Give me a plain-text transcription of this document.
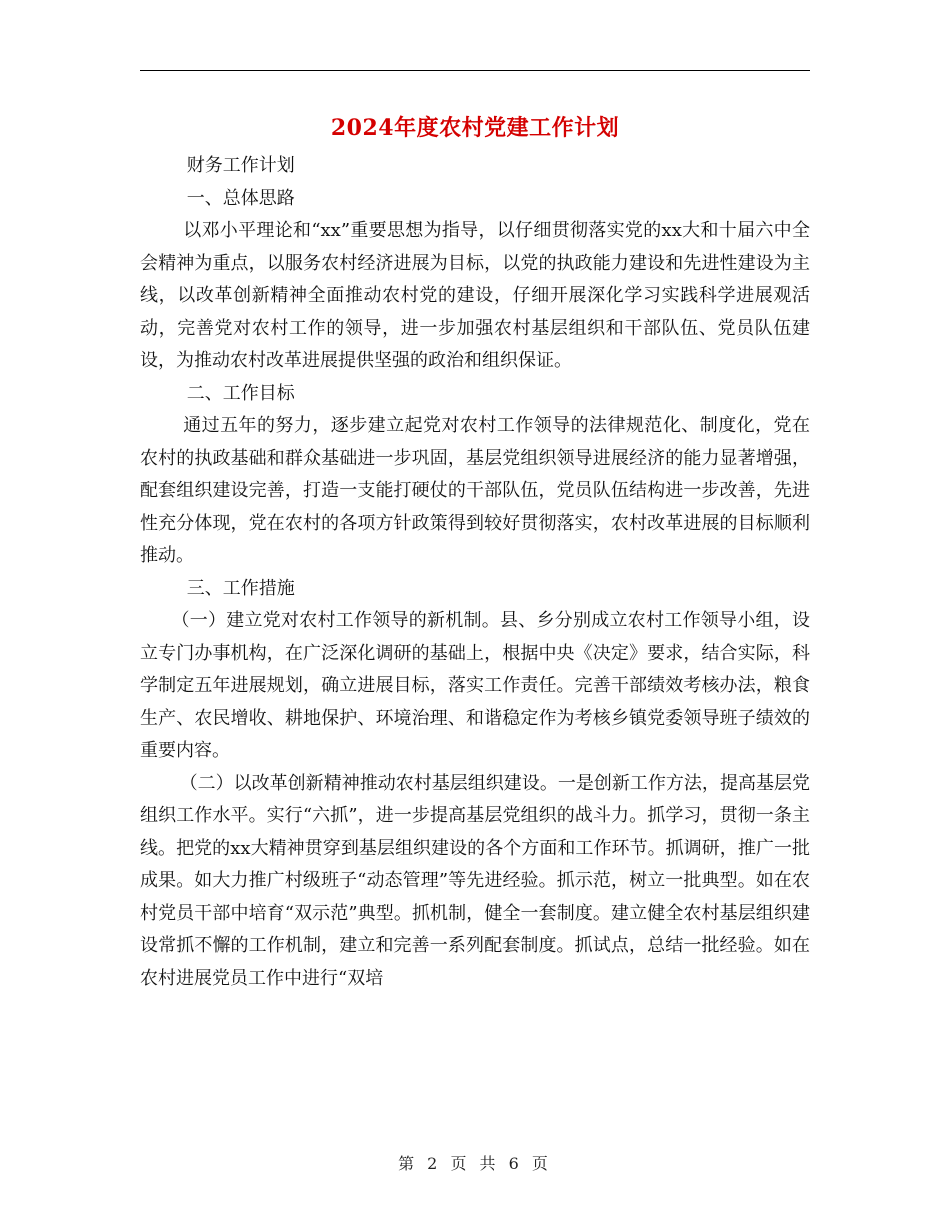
2024年度农村党建工作计划

财务工作计划

一、总体思路

以邓小平理论和“xx”重要思想为指导，以仔细贯彻落实党的xx大和十届六中全会精神为重点，以服务农村经济进展为目标，以党的执政能力建设和先进性建设为主线，以改革创新精神全面推动农村党的建设，仔细开展深化学习实践科学进展观活动，完善党对农村工作的领导，进一步加强农村基层组织和干部队伍、党员队伍建设，为推动农村改革进展提供坚强的政治和组织保证。

二、工作目标

通过五年的努力，逐步建立起党对农村工作领导的法律规范化、制度化，党在农村的执政基础和群众基础进一步巩固，基层党组织领导进展经济的能力显著增强，配套组织建设完善，打造一支能打硬仗的干部队伍，党员队伍结构进一步改善，先进性充分体现，党在农村的各项方针政策得到较好贯彻落实，农村改革进展的目标顺利推动。

三、工作措施

（一）建立党对农村工作领导的新机制。县、乡分别成立农村工作领导小组，设立专门办事机构，在广泛深化调研的基础上，根据中央《决定》要求，结合实际，科学制定五年进展规划，确立进展目标，落实工作责任。完善干部绩效考核办法，粮食生产、农民增收、耕地保护、环境治理、和谐稳定作为考核乡镇党委领导班子绩效的重要内容。

（二）以改革创新精神推动农村基层组织建设。一是创新工作方法，提高基层党组织工作水平。实行“六抓”，进一步提高基层党组织的战斗力。抓学习，贯彻一条主线。把党的xx大精神贯穿到基层组织建设的各个方面和工作环节。抓调研，推广一批成果。如大力推广村级班子“动态管理”等先进经验。抓示范，树立一批典型。如在农村党员干部中培育“双示范”典型。抓机制，健全一套制度。建立健全农村基层组织建设常抓不懈的工作机制，建立和完善一系列配套制度。抓试点，总结一批经验。如在农村进展党员工作中进行“双培

第 2 页 共 6 页
